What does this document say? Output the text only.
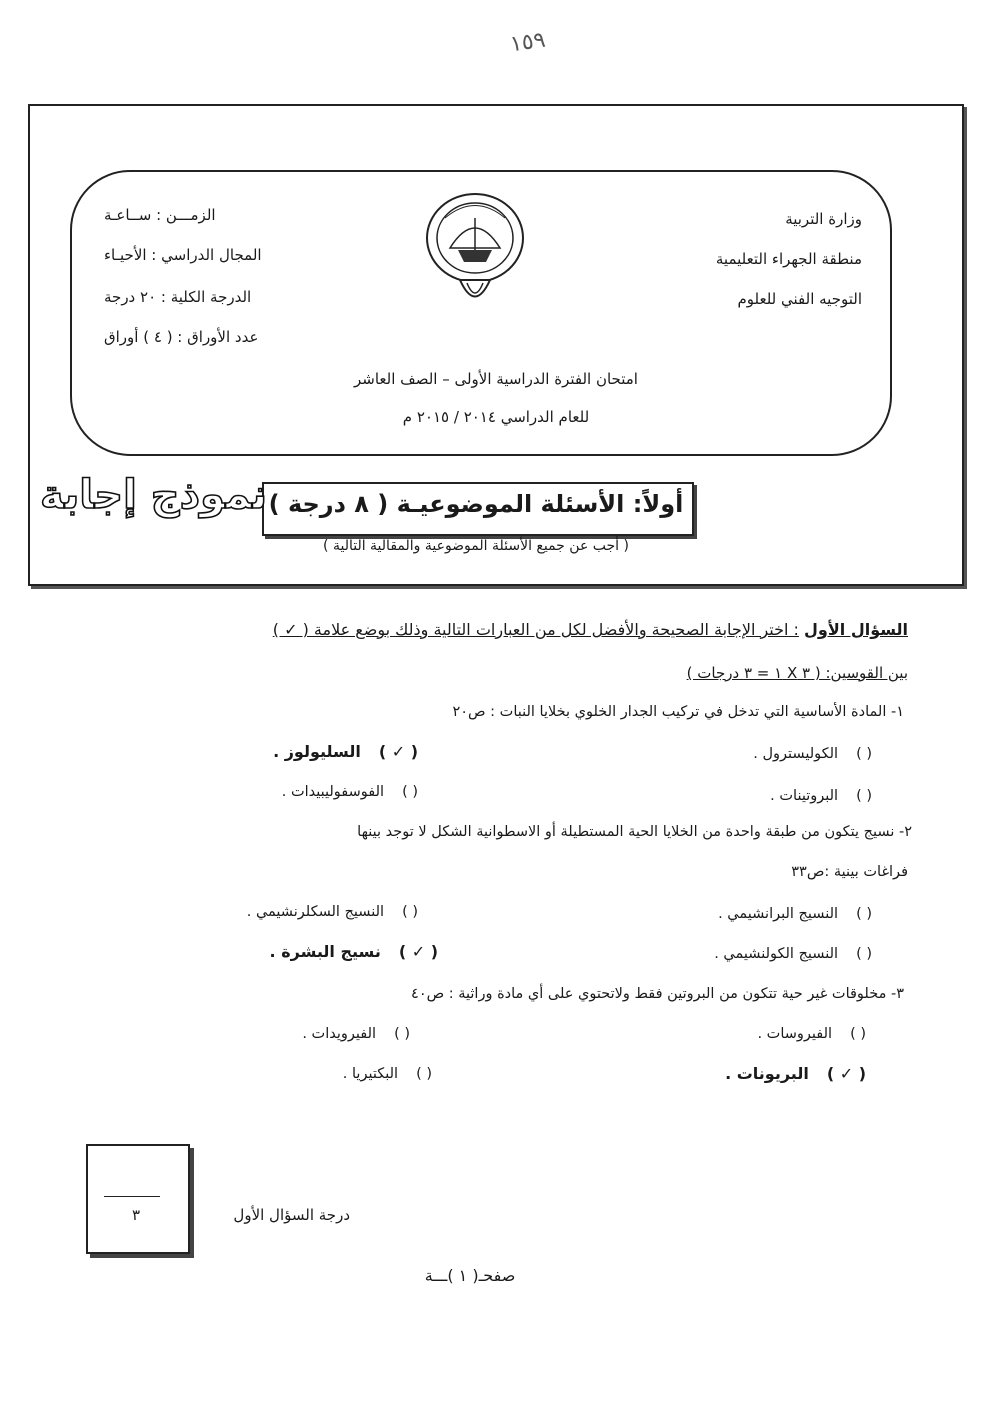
١٥٩
وزارة التربية
منطقة الجهراء التعليمية
التوجيه الفني للعلوم
الزمـــن : ســاعـة
المجال الدراسي : الأحيـاء
الدرجة الكلية : ٢٠ درجة
عدد الأوراق : ( ٤ ) أوراق
امتحان الفترة الدراسية الأولى – الصف العاشر
للعام الدراسي ٢٠١٤ / ٢٠١٥ م
أولاً: الأسئلة الموضوعيـة ( ٨ درجة )
( أجب عن جميع الأسئلة الموضوعية والمقالية التالية )
نموذج إجابة
السؤال الأول : اختر الإجابة الصحيحة والأفضل لكل من العبارات التالية وذلك بوضع علامة ( ✓ )
بين القوسين: ( ٣ X ١ = ٣ درجات )
١- المادة الأساسية التي تدخل في تركيب الجدار الخلوي بخلايا النبات : ص٢٠
( )الكوليسترول .
( ✓ )السليولوز .
( )البروتينات .
( )الفوسفوليبيدات .
٢- نسيج يتكون من طبقة واحدة من الخلايا الحية المستطيلة أو الاسطوانية الشكل لا توجد بينها
فراغات بينية :ص٣٣
( )النسيج البرانشيمي .
( )النسيج السكلرنشيمي .
( )النسيج الكولنشيمي .
( ✓ )نسيج البشرة .
٣- مخلوقات غير حية تتكون من البروتين فقط ولاتحتوي على أي مادة وراثية : ص٤٠
( )الفيروسات .
( )الفيرويدات .
( ✓ )البريونات .
( )البكتيريا .
٣	درجة السؤال الأول
صفحـ( ١ )ـــة
